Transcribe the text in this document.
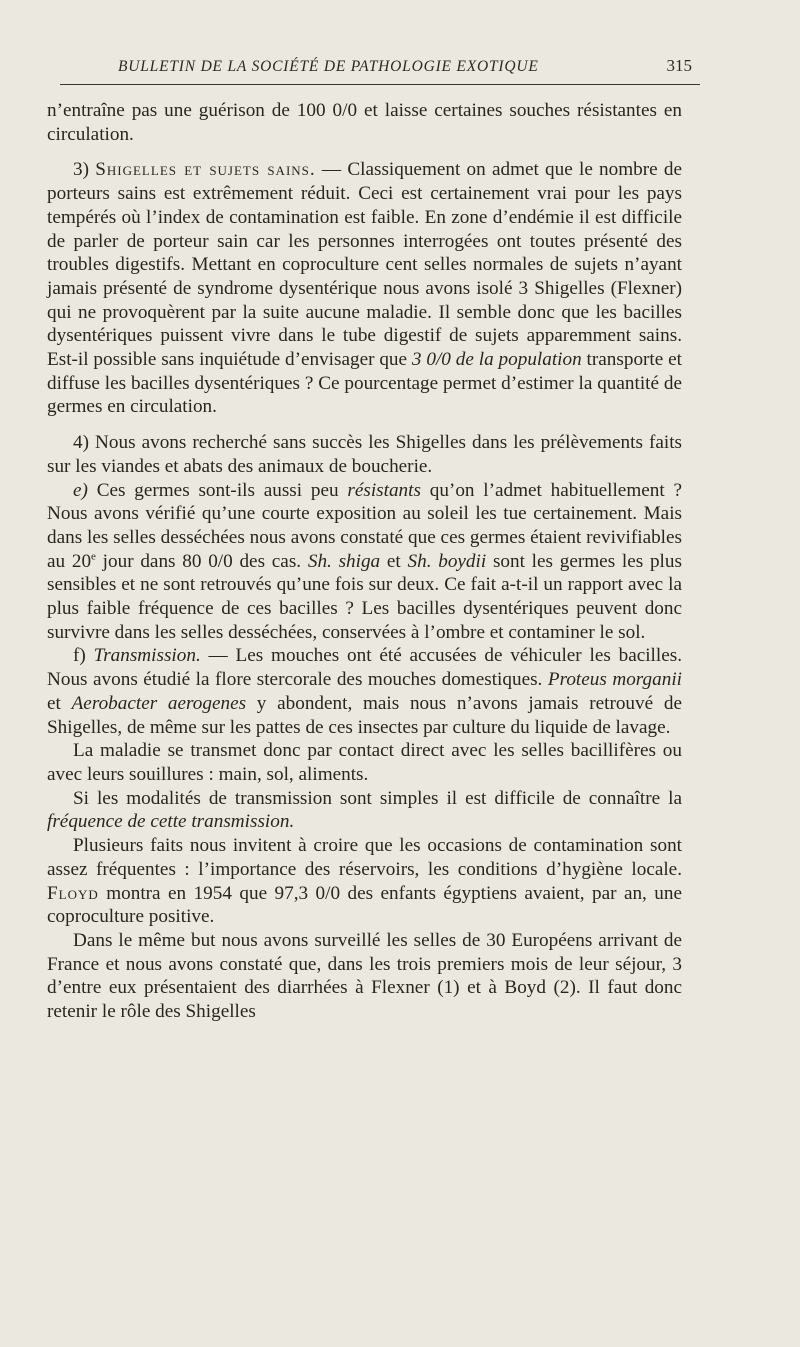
BULLETIN DE LA SOCIÉTÉ DE PATHOLOGIE EXOTIQUE	315

n’entraîne pas une guérison de 100 0/0 et laisse certaines souches résistantes en circulation.

3) Shigelles et sujets sains. — Classiquement on admet que le nombre de porteurs sains est extrêmement réduit. Ceci est certainement vrai pour les pays tempérés où l’index de contamination est faible. En zone d’endémie il est difficile de parler de porteur sain car les personnes interrogées ont toutes présenté des troubles digestifs. Mettant en coproculture cent selles normales de sujets n’ayant jamais présenté de syndrome dysentérique nous avons isolé 3 Shigelles (Flexner) qui ne provoquèrent par la suite aucune maladie. Il semble donc que les bacilles dysentériques puissent vivre dans le tube digestif de sujets apparemment sains. Est-il possible sans inquiétude d’envisager que 3 0/0 de la population transporte et diffuse les bacilles dysentériques ? Ce pourcentage permet d’estimer la quantité de germes en circulation.

4) Nous avons recherché sans succès les Shigelles dans les prélèvements faits sur les viandes et abats des animaux de boucherie.

e) Ces germes sont-ils aussi peu résistants qu’on l’admet habituellement ? Nous avons vérifié qu’une courte exposition au soleil les tue certainement. Mais dans les selles desséchées nous avons constaté que ces germes étaient revivifiables au 20e jour dans 80 0/0 des cas. Sh. shiga et Sh. boydii sont les germes les plus sensibles et ne sont retrouvés qu’une fois sur deux. Ce fait a-t-il un rapport avec la plus faible fréquence de ces bacilles ? Les bacilles dysentériques peuvent donc survivre dans les selles desséchées, conservées à l’ombre et contaminer le sol.

f) Transmission. — Les mouches ont été accusées de véhiculer les bacilles. Nous avons étudié la flore stercorale des mouches domestiques. Proteus morganii et Aerobacter aerogenes y abondent, mais nous n’avons jamais retrouvé de Shigelles, de même sur les pattes de ces insectes par culture du liquide de lavage.

La maladie se transmet donc par contact direct avec les selles bacillifères ou avec leurs souillures : main, sol, aliments.

Si les modalités de transmission sont simples il est difficile de connaître la fréquence de cette transmission.

Plusieurs faits nous invitent à croire que les occasions de contamination sont assez fréquentes : l’importance des réservoirs, les conditions d’hygiène locale. Floyd montra en 1954 que 97,3 0/0 des enfants égyptiens avaient, par an, une coproculture positive.

Dans le même but nous avons surveillé les selles de 30 Européens arrivant de France et nous avons constaté que, dans les trois premiers mois de leur séjour, 3 d’entre eux présentaient des diarrhées à Flexner (1) et à Boyd (2). Il faut donc retenir le rôle des Shigelles
